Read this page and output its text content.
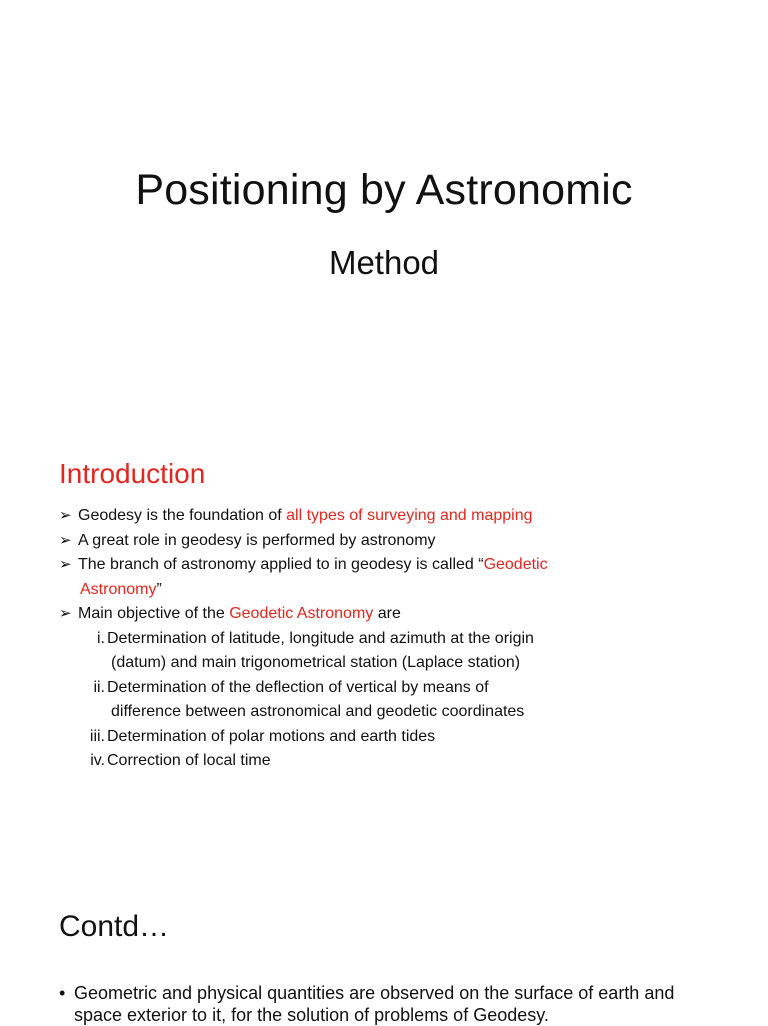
Positioning by Astronomic
Method
Introduction
➢ Geodesy is the foundation of all types of surveying and mapping
➢ A great role in geodesy is performed by astronomy
➢ The branch of astronomy applied to in geodesy is called “Geodetic
Astronomy”
➢ Main objective of the Geodetic Astronomy are
i. Determination of latitude, longitude and azimuth at the origin
(datum) and main trigonometrical station (Laplace station)
ii. Determination of the deflection of vertical by means of
difference between astronomical and geodetic coordinates
iii. Determination of polar motions and earth tides
iv. Correction of local time
Contd…
• Geometric and physical quantities are observed on the surface of earth and
space exterior to it, for the solution of problems of Geodesy.
